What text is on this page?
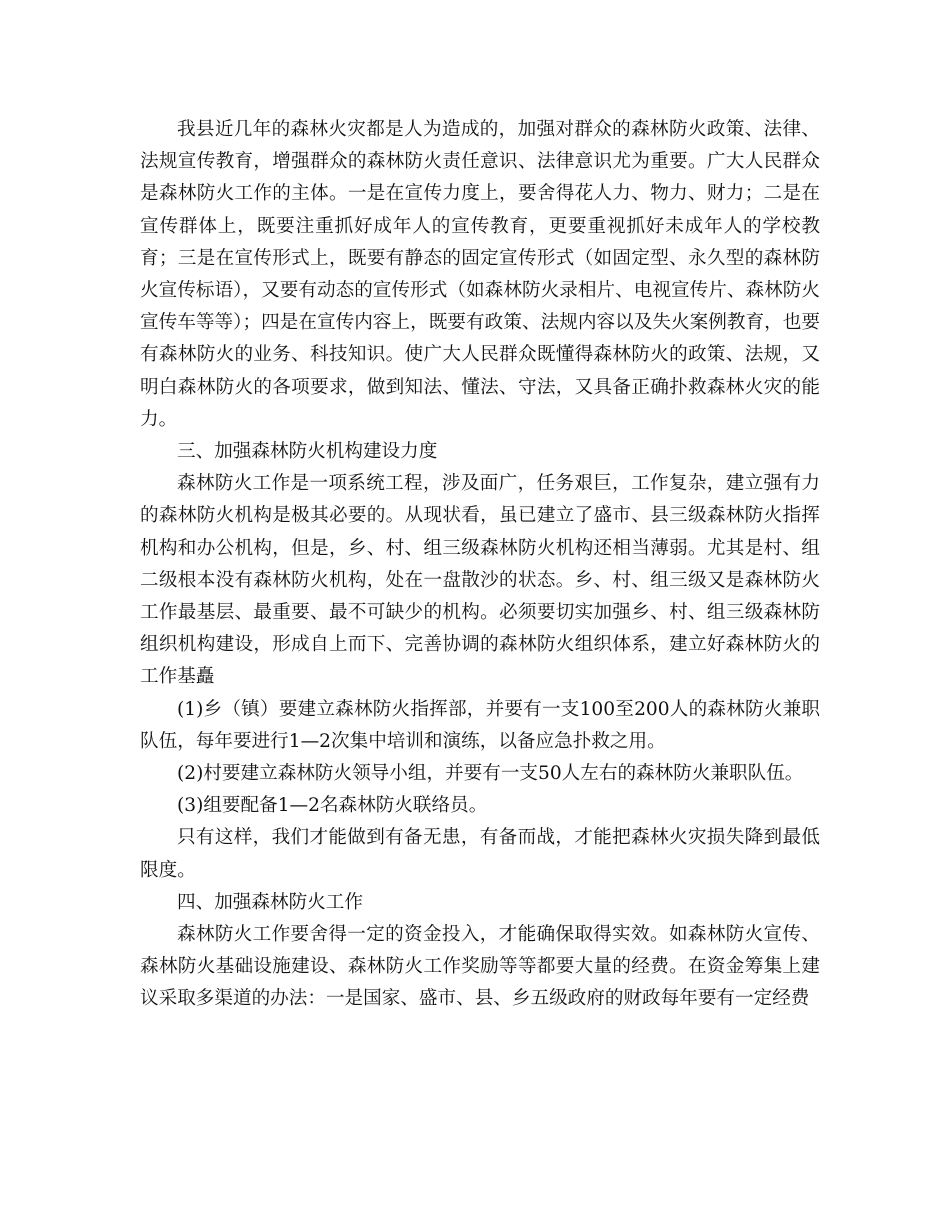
我县近几年的森林火灾都是人为造成的，加强对群众的森林防火政策、法律、法规宣传教育，增强群众的森林防火责任意识、法律意识尤为重要。广大人民群众是森林防火工作的主体。一是在宣传力度上，要舍得花人力、物力、财力；二是在宣传群体上，既要注重抓好成年人的宣传教育，更要重视抓好未成年人的学校教育；三是在宣传形式上，既要有静态的固定宣传形式（如固定型、永久型的森林防火宣传标语），又要有动态的宣传形式（如森林防火录相片、电视宣传片、森林防火宣传车等等）；四是在宣传内容上，既要有政策、法规内容以及失火案例教育，也要有森林防火的业务、科技知识。使广大人民群众既懂得森林防火的政策、法规，又明白森林防火的各项要求，做到知法、懂法、守法，又具备正确扑救森林火灾的能力。

三、加强森林防火机构建设力度

森林防火工作是一项系统工程，涉及面广，任务艰巨，工作复杂，建立强有力的森林防火机构是极其必要的。从现状看，虽已建立了盛市、县三级森林防火指挥机构和办公机构，但是，乡、村、组三级森林防火机构还相当薄弱。尤其是村、组二级根本没有森林防火机构，处在一盘散沙的状态。乡、村、组三级又是森林防火工作最基层、最重要、最不可缺少的机构。必须要切实加强乡、村、组三级森林防组织机构建设，形成自上而下、完善协调的森林防火组织体系，建立好森林防火的工作基矗

(1)乡（镇）要建立森林防火指挥部，并要有一支100至200人的森林防火兼职队伍，每年要进行1—2次集中培训和演练，以备应急扑救之用。

(2)村要建立森林防火领导小组，并要有一支50人左右的森林防火兼职队伍。

(3)组要配备1—2名森林防火联络员。

只有这样，我们才能做到有备无患，有备而战，才能把森林火灾损失降到最低限度。

四、加强森林防火工作

森林防火工作要舍得一定的资金投入，才能确保取得实效。如森林防火宣传、森林防火基础设施建设、森林防火工作奖励等等都要大量的经费。在资金筹集上建议采取多渠道的办法：一是国家、盛市、县、乡五级政府的财政每年要有一定经费
